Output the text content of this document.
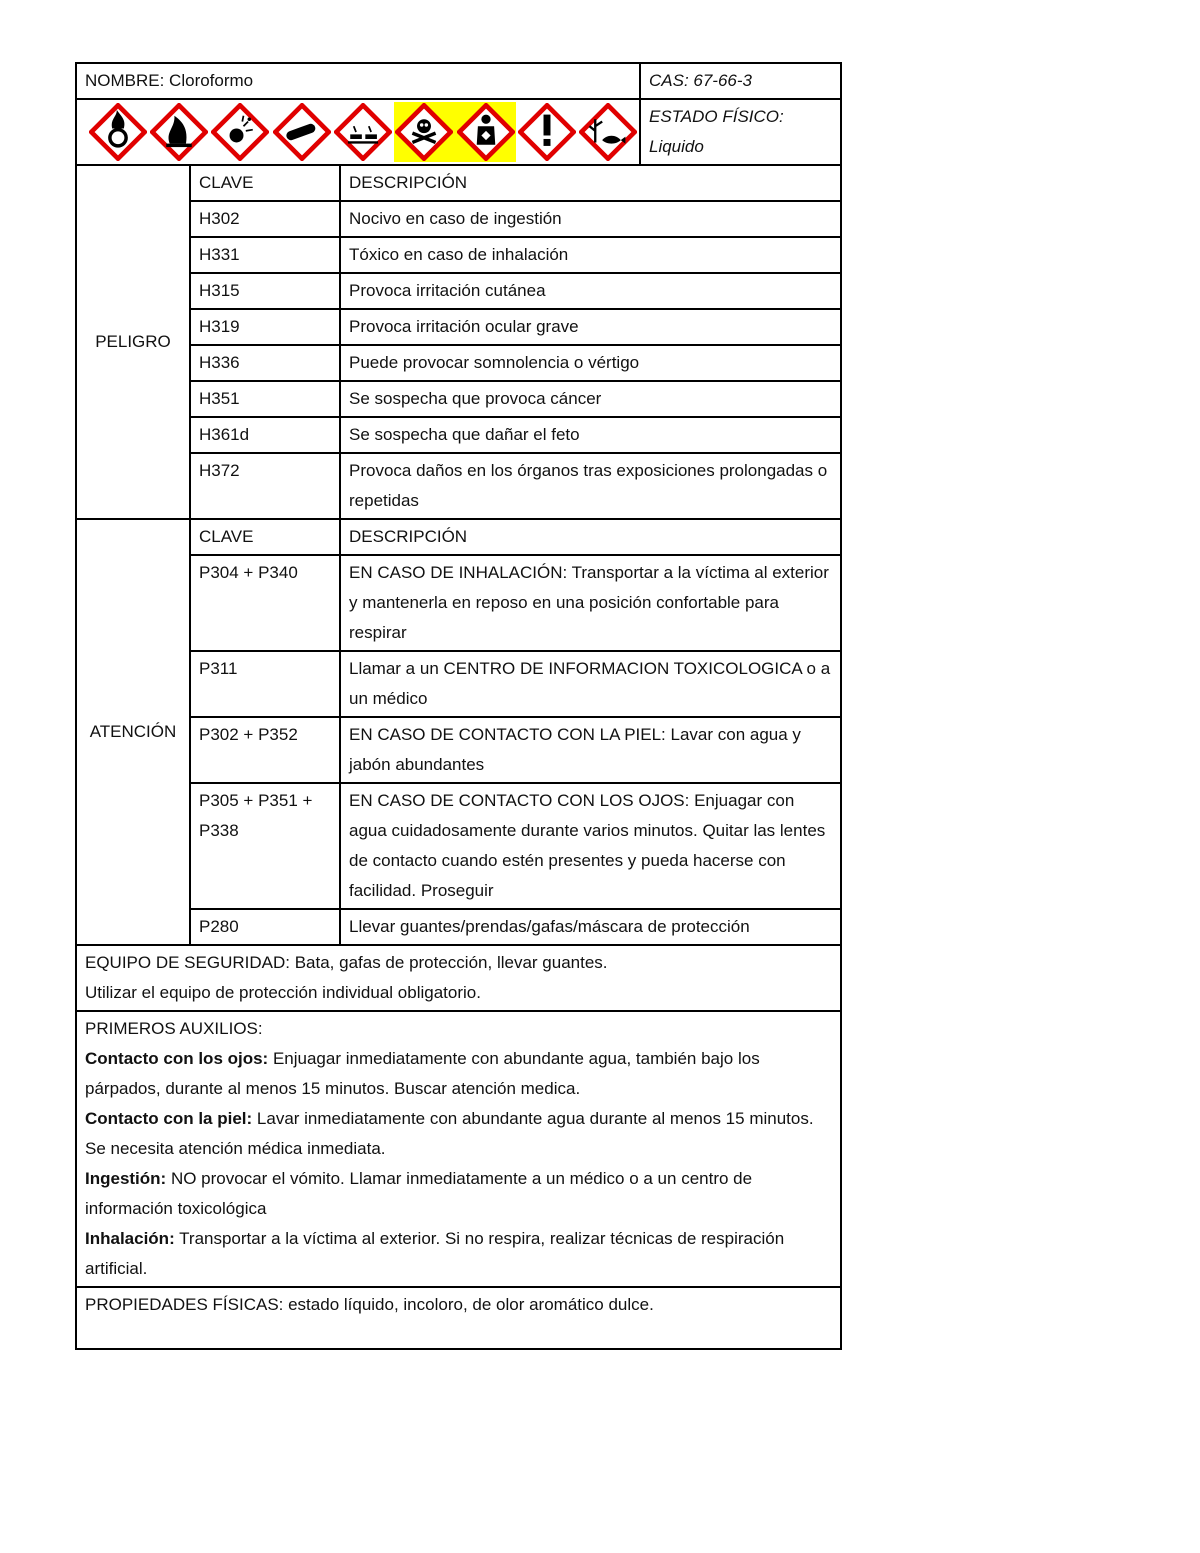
NOMBRE: Cloroformo			CAS: 67-66-3

ESTADO FÍSICO:
Liquido

PELIGRO	CLAVE	DESCRIPCIÓN	
	H302	Nocivo en caso de ingestión	
	H331	Tóxico en caso de inhalación	
	H315	Provoca irritación cutánea	
	H319	Provoca irritación ocular grave	
	H336	Puede provocar somnolencia o vértigo	
	H351	Se sospecha que provoca cáncer	
	H361d	Se sospecha que dañar el feto	
	H372	Provoca daños en los órganos tras exposiciones prolongadas o repetidas	
ATENCIÓN	CLAVE	DESCRIPCIÓN	
	P304 + P340	EN CASO DE INHALACIÓN: Transportar a la víctima al exterior y mantenerla en reposo en una posición confortable para respirar	
	P311	Llamar a un CENTRO DE INFORMACION TOXICOLOGICA o a un médico	
	P302 + P352	EN CASO DE CONTACTO CON LA PIEL: Lavar con agua y jabón abundantes	
	P305 + P351 + P338	EN CASO DE CONTACTO CON LOS OJOS: Enjuagar con agua cuidadosamente durante varios minutos. Quitar las lentes de contacto cuando estén presentes y pueda hacerse con facilidad. Proseguir	
	P280	Llevar guantes/prendas/gafas/máscara de protección	

EQUIPO DE SEGURIDAD: Bata, gafas de protección, llevar guantes.
Utilizar el equipo de protección individual obligatorio.			

PRIMEROS AUXILIOS:
Contacto con los ojos: Enjuagar inmediatamente con abundante agua, también bajo los párpados, durante al menos 15 minutos. Buscar atención medica.
Contacto con la piel: Lavar inmediatamente con abundante agua durante al menos 15 minutos. Se necesita atención médica inmediata.
Ingestión: NO provocar el vómito. Llamar inmediatamente a un médico o a un centro de información toxicológica
Inhalación: Transportar a la víctima al exterior. Si no respira, realizar técnicas de respiración artificial.			

PROPIEDADES FÍSICAS: estado líquido, incoloro, de olor aromático dulce.			
